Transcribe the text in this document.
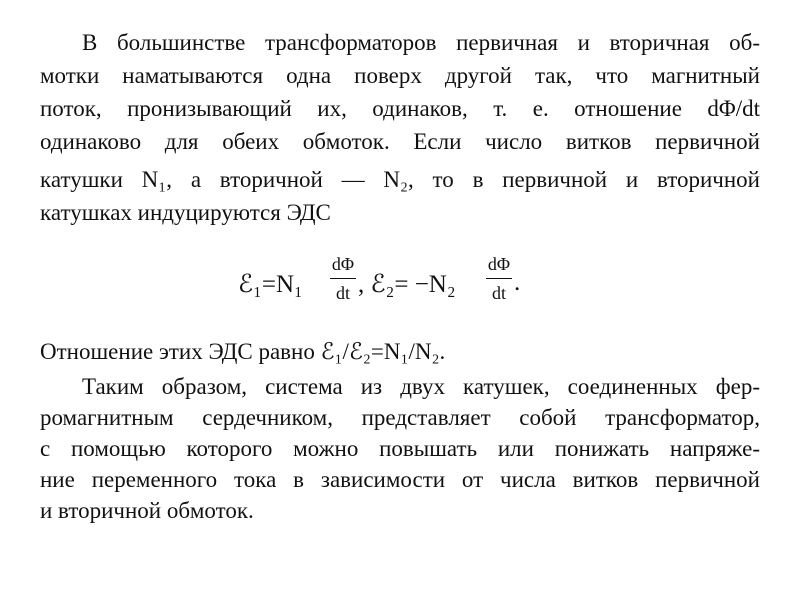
В большинстве трансформаторов первичная и вторичная об-
мотки наматываются одна поверх другой так, что магнитный
поток, пронизывающий их, одинаков, т. е. отношение dΦ/dt
одинаково для обеих обмоток. Если число витков первичной
катушки N₁, а вторичной — N₂, то в первичной и вторичной
катушках индуцируются ЭДС
ℰ₁=N₁
dΦ
dt , ℰ₂= −N₂
dΦ
dt .
Отношение этих ЭДС равно ℰ₁/ℰ₂=N₁/N₂.
Таким образом, система из двух катушек, соединенных фер-
ромагнитным сердечником, представляет собой трансформатор,
с помощью которого можно повышать или понижать напряже-
ние переменного тока в зависимости от числа витков первичной
и вторичной обмоток.
